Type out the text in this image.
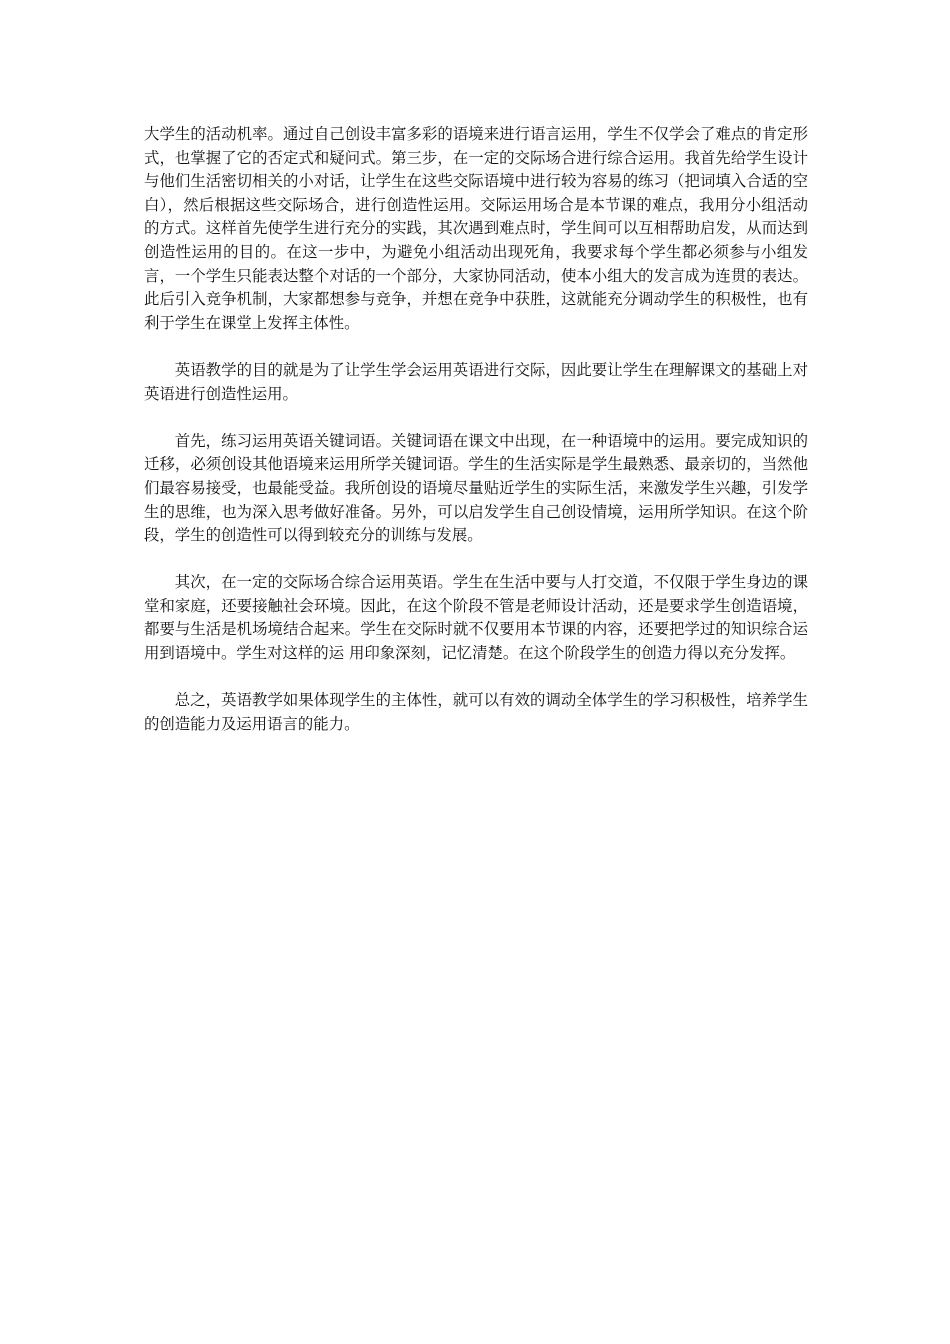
大学生的活动机率。通过自己创设丰富多彩的语境来进行语言运用，学生不仅学会了难点的肯定形式，也掌握了它的否定式和疑问式。第三步，在一定的交际场合进行综合运用。我首先给学生设计与他们生活密切相关的小对话，让学生在这些交际语境中进行较为容易的练习（把词填入合适的空白），然后根据这些交际场合，进行创造性运用。交际运用场合是本节课的难点，我用分小组活动的方式。这样首先使学生进行充分的实践，其次遇到难点时，学生间可以互相帮助启发，从而达到创造性运用的目的。在这一步中，为避免小组活动出现死角，我要求每个学生都必须参与小组发言，一个学生只能表达整个对话的一个部分，大家协同活动，使本小组大的发言成为连贯的表达。此后引入竞争机制，大家都想参与竞争，并想在竞争中获胜，这就能充分调动学生的积极性，也有利于学生在课堂上发挥主体性。

英语教学的目的就是为了让学生学会运用英语进行交际，因此要让学生在理解课文的基础上对英语进行创造性运用。

首先，练习运用英语关键词语。关键词语在课文中出现，在一种语境中的运用。要完成知识的迁移，必须创设其他语境来运用所学关键词语。学生的生活实际是学生最熟悉、最亲切的，当然他们最容易接受，也最能受益。我所创设的语境尽量贴近学生的实际生活，来激发学生兴趣，引发学生的思维，也为深入思考做好准备。另外，可以启发学生自己创设情境，运用所学知识。在这个阶段，学生的创造性可以得到较充分的训练与发展。

其次，在一定的交际场合综合运用英语。学生在生活中要与人打交道，不仅限于学生身边的课堂和家庭，还要接触社会环境。因此，在这个阶段不管是老师设计活动，还是要求学生创造语境，都要与生活是机场境结合起来。学生在交际时就不仅要用本节课的内容，还要把学过的知识综合运用到语境中。学生对这样的运 用印象深刻，记忆清楚。在这个阶段学生的创造力得以充分发挥。

总之，英语教学如果体现学生的主体性，就可以有效的调动全体学生的学习积极性，培养学生的创造能力及运用语言的能力。
